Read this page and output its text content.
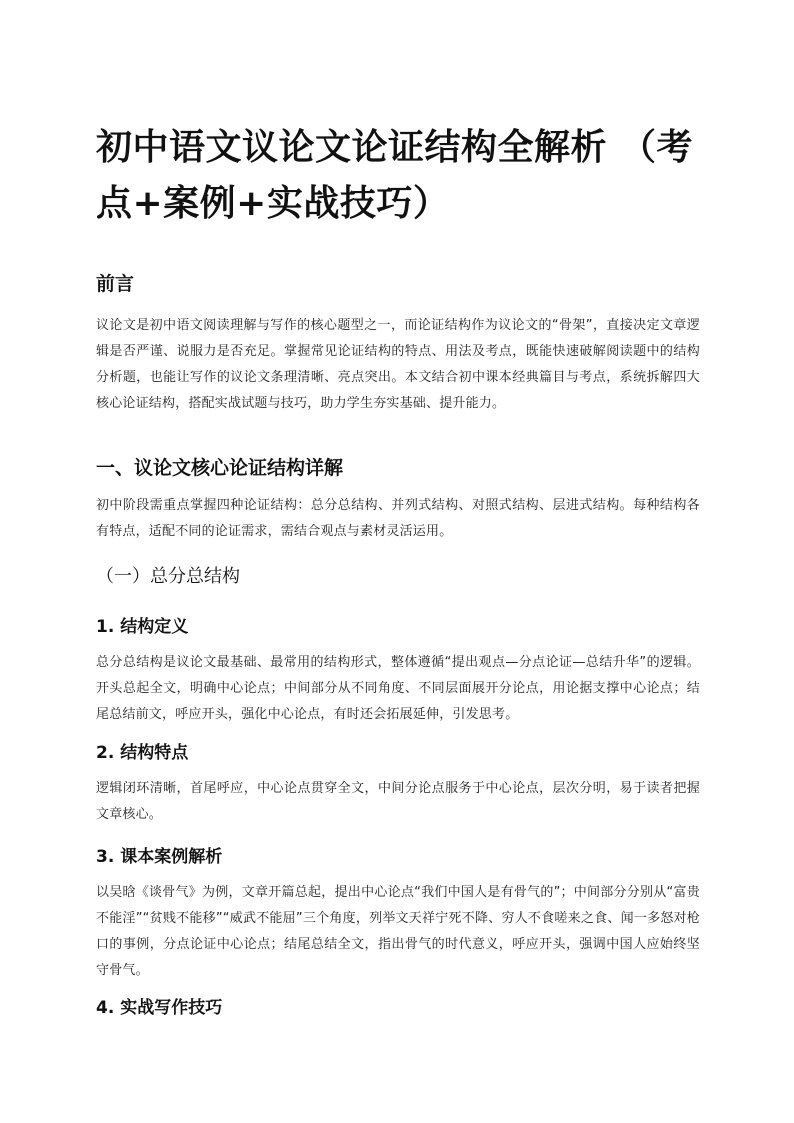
初中语文议论文论证结构全解析 （考点+案例+实战技巧）
前言

议论文是初中语文阅读理解与写作的核心题型之一，而论证结构作为议论文的“骨架”，直接决定文章逻辑是否严谨、说服力是否充足。掌握常见论证结构的特点、用法及考点，既能快速破解阅读题中的结构分析题，也能让写作的议论文条理清晰、亮点突出。本文结合初中课本经典篇目与考点，系统拆解四大核心论证结构，搭配实战试题与技巧，助力学生夯实基础、提升能力。

一、议论文核心论证结构详解

初中阶段需重点掌握四种论证结构：总分总结构、并列式结构、对照式结构、层进式结构。每种结构各有特点，适配不同的论证需求，需结合观点与素材灵活运用。

（一）总分总结构
1. 结构定义

总分总结构是议论文最基础、最常用的结构形式，整体遵循“提出观点—分点论证—总结升华”的逻辑。开头总起全文，明确中心论点；中间部分从不同角度、不同层面展开分论点，用论据支撑中心论点；结尾总结前文，呼应开头，强化中心论点，有时还会拓展延伸，引发思考。

2. 结构特点

逻辑闭环清晰，首尾呼应，中心论点贯穿全文，中间分论点服务于中心论点，层次分明，易于读者把握文章核心。

3. 课本案例解析

以吴晗《谈骨气》为例，文章开篇总起，提出中心论点“我们中国人是有骨气的”；中间部分分别从“富贵不能淫”“贫贱不能移”“威武不能屈”三个角度，列举文天祥宁死不降、穷人不食嗟来之食、闻一多怒对枪口的事例，分点论证中心论点；结尾总结全文，指出骨气的时代意义，呼应开头，强调中国人应始终坚守骨气。

4. 实战写作技巧
